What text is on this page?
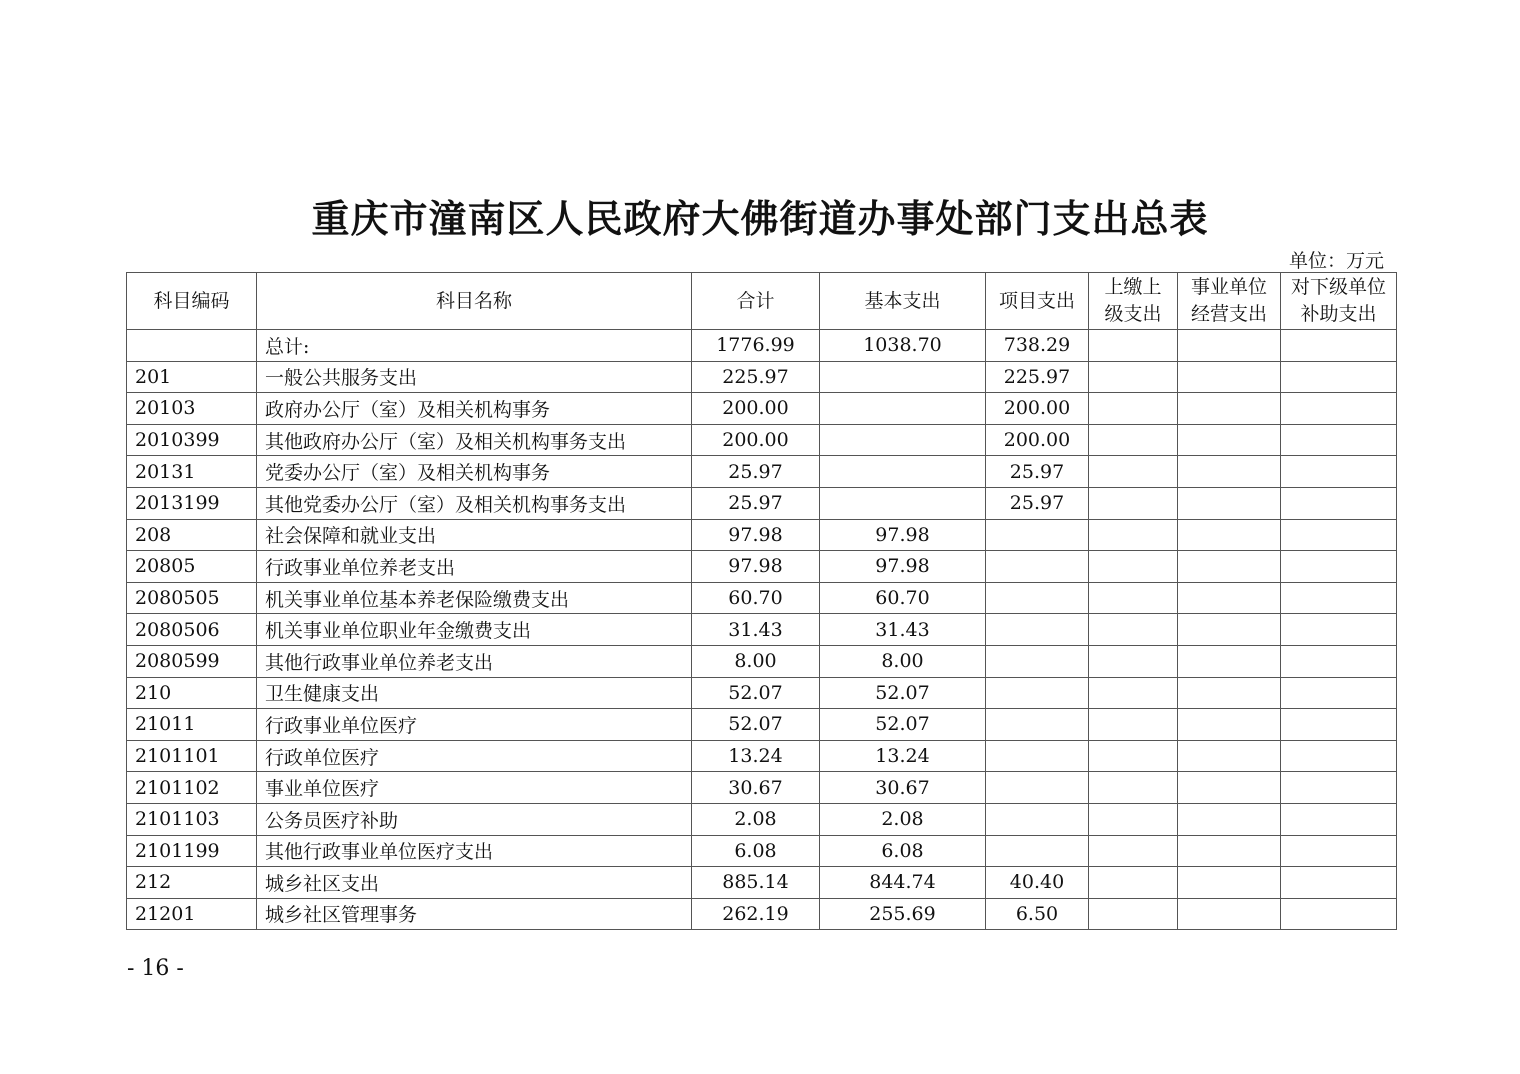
重庆市潼南区人民政府大佛街道办事处部门支出总表
单位：万元
科目编码	科目名称	合计	基本支出	项目支出	上缴上级支出	事业单位经营支出	对下级单位补助支出
	总计:	1776.99	1038.70	738.29			
201	一般公共服务支出	225.97		225.97			
20103	政府办公厅（室）及相关机构事务	200.00		200.00			
2010399	其他政府办公厅（室）及相关机构事务支出	200.00		200.00			
20131	党委办公厅（室）及相关机构事务	25.97		25.97			
2013199	其他党委办公厅（室）及相关机构事务支出	25.97		25.97			
208	社会保障和就业支出	97.98	97.98				
20805	行政事业单位养老支出	97.98	97.98				
2080505	机关事业单位基本养老保险缴费支出	60.70	60.70				
2080506	机关事业单位职业年金缴费支出	31.43	31.43				
2080599	其他行政事业单位养老支出	8.00	8.00				
210	卫生健康支出	52.07	52.07				
21011	行政事业单位医疗	52.07	52.07				
2101101	行政单位医疗	13.24	13.24				
2101102	事业单位医疗	30.67	30.67				
2101103	公务员医疗补助	2.08	2.08				
2101199	其他行政事业单位医疗支出	6.08	6.08				
212	城乡社区支出	885.14	844.74	40.40			
21201	城乡社区管理事务	262.19	255.69	6.50			
- 16 -
